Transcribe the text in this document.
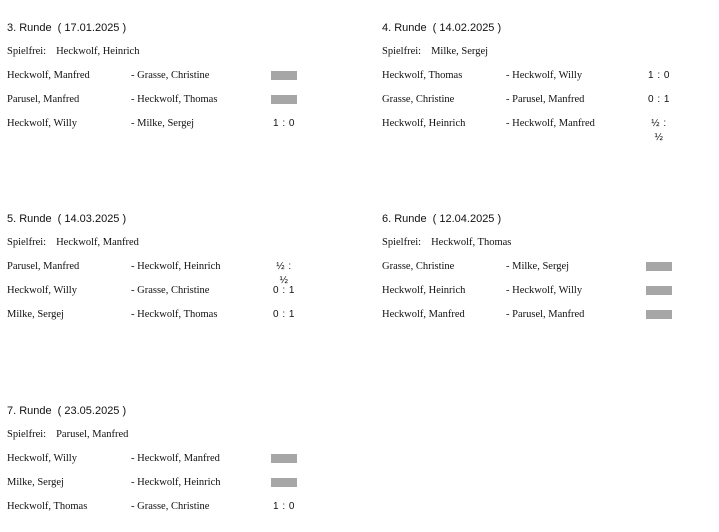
3. Runde ( 17.01.2025 )
Spielfrei: Heckwolf, Heinrich
Heckwolf, Manfred	- Grasse, Christine
Parusel, Manfred	- Heckwolf, Thomas
Heckwolf, Willy	- Milke, Sergej	1 : 0
4. Runde ( 14.02.2025 )
Spielfrei: Milke, Sergej
Heckwolf, Thomas	- Heckwolf, Willy	1 : 0
Grasse, Christine	- Parusel, Manfred	0 : 1
Heckwolf, Heinrich	- Heckwolf, Manfred	½ : ½
5. Runde ( 14.03.2025 )
Spielfrei: Heckwolf, Manfred
Parusel, Manfred	- Heckwolf, Heinrich	½ : ½
Heckwolf, Willy	- Grasse, Christine	0 : 1
Milke, Sergej	- Heckwolf, Thomas	0 : 1
6. Runde ( 12.04.2025 )
Spielfrei: Heckwolf, Thomas
Grasse, Christine	- Milke, Sergej
Heckwolf, Heinrich	- Heckwolf, Willy
Heckwolf, Manfred	- Parusel, Manfred
7. Runde ( 23.05.2025 )
Spielfrei: Parusel, Manfred
Heckwolf, Willy	- Heckwolf, Manfred
Milke, Sergej	- Heckwolf, Heinrich
Heckwolf, Thomas	- Grasse, Christine	1 : 0
